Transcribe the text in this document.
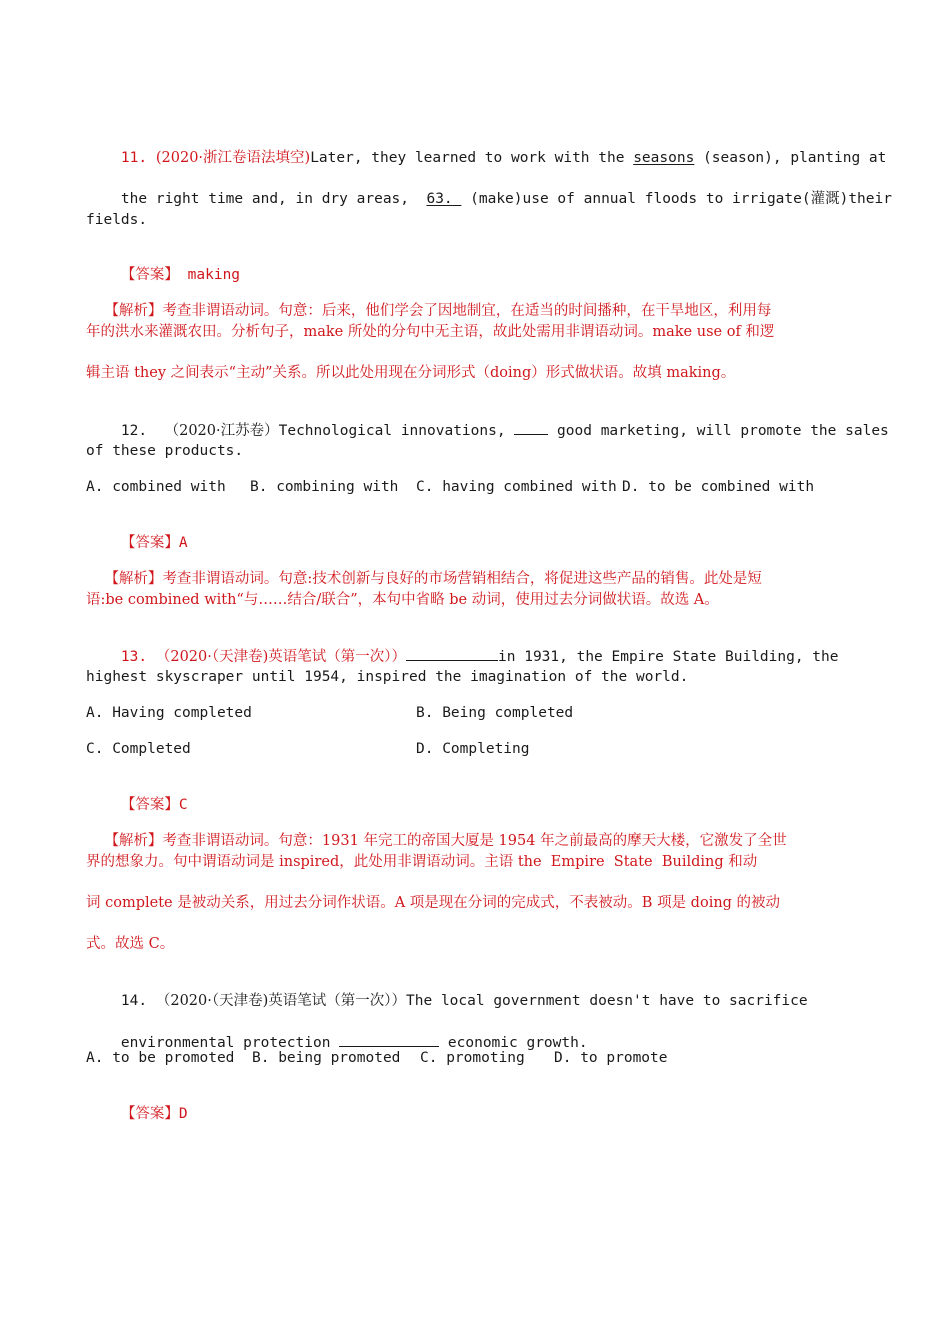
11. (2020·浙江卷语法填空)Later, they learned to work with the seasons (season), planting at

the right time and, in dry areas,  63.  (make)use of annual floods to irrigate(灌溉)their

fields.

【答案】 making

【解析】考查非谓语动词。句意：后来，他们学会了因地制宜，在适当的时间播种，在干旱地区，利用每

年的洪水来灌溉农田。分析句子，make 所处的分句中无主语，故此处需用非谓语动词。make use of 和逻
辑主语 they 之间表示“主动”关系。所以此处用现在分词形式（doing）形式做状语。故填 making。

12. （2020·江苏卷）Technological innovations,  good marketing, will promote the sales

of these products.
A. combined with B. combining with C. having combined with D. to be combined with

【答案】A

【解析】考查非谓语动词。句意:技术创新与良好的市场营销相结合，将促进这些产品的销售。此处是短

语:be combined with“与……结合/联合”，本句中省略 be 动词，使用过去分词做状语。故选 A。

13. （2020·（天津卷)英语笔试（第一次））	in 1931, the Empire State Building, the

highest skyscraper until 1954, inspired the imagination of the world.
A. Having completed	B. Being completed
C. Completed	D. Completing

【答案】C

【解析】考查非谓语动词。句意：1931 年完工的帝国大厦是 1954 年之前最高的摩天大楼，它激发了全世

界的想象力。句中谓语动词是 inspired，此处用非谓语动词。主语 the  Empire  State  Building 和动
词 complete 是被动关系，用过去分词作状语。A 项是现在分词的完成式，不表被动。B 项是 doing 的被动
式。故选 C。

14. （2020·（天津卷)英语笔试（第一次））The local government doesn't have to sacrifice

environmental protection	economic growth.

A. to be promoted B. being promoted C. promoting D. to promote

【答案】D
